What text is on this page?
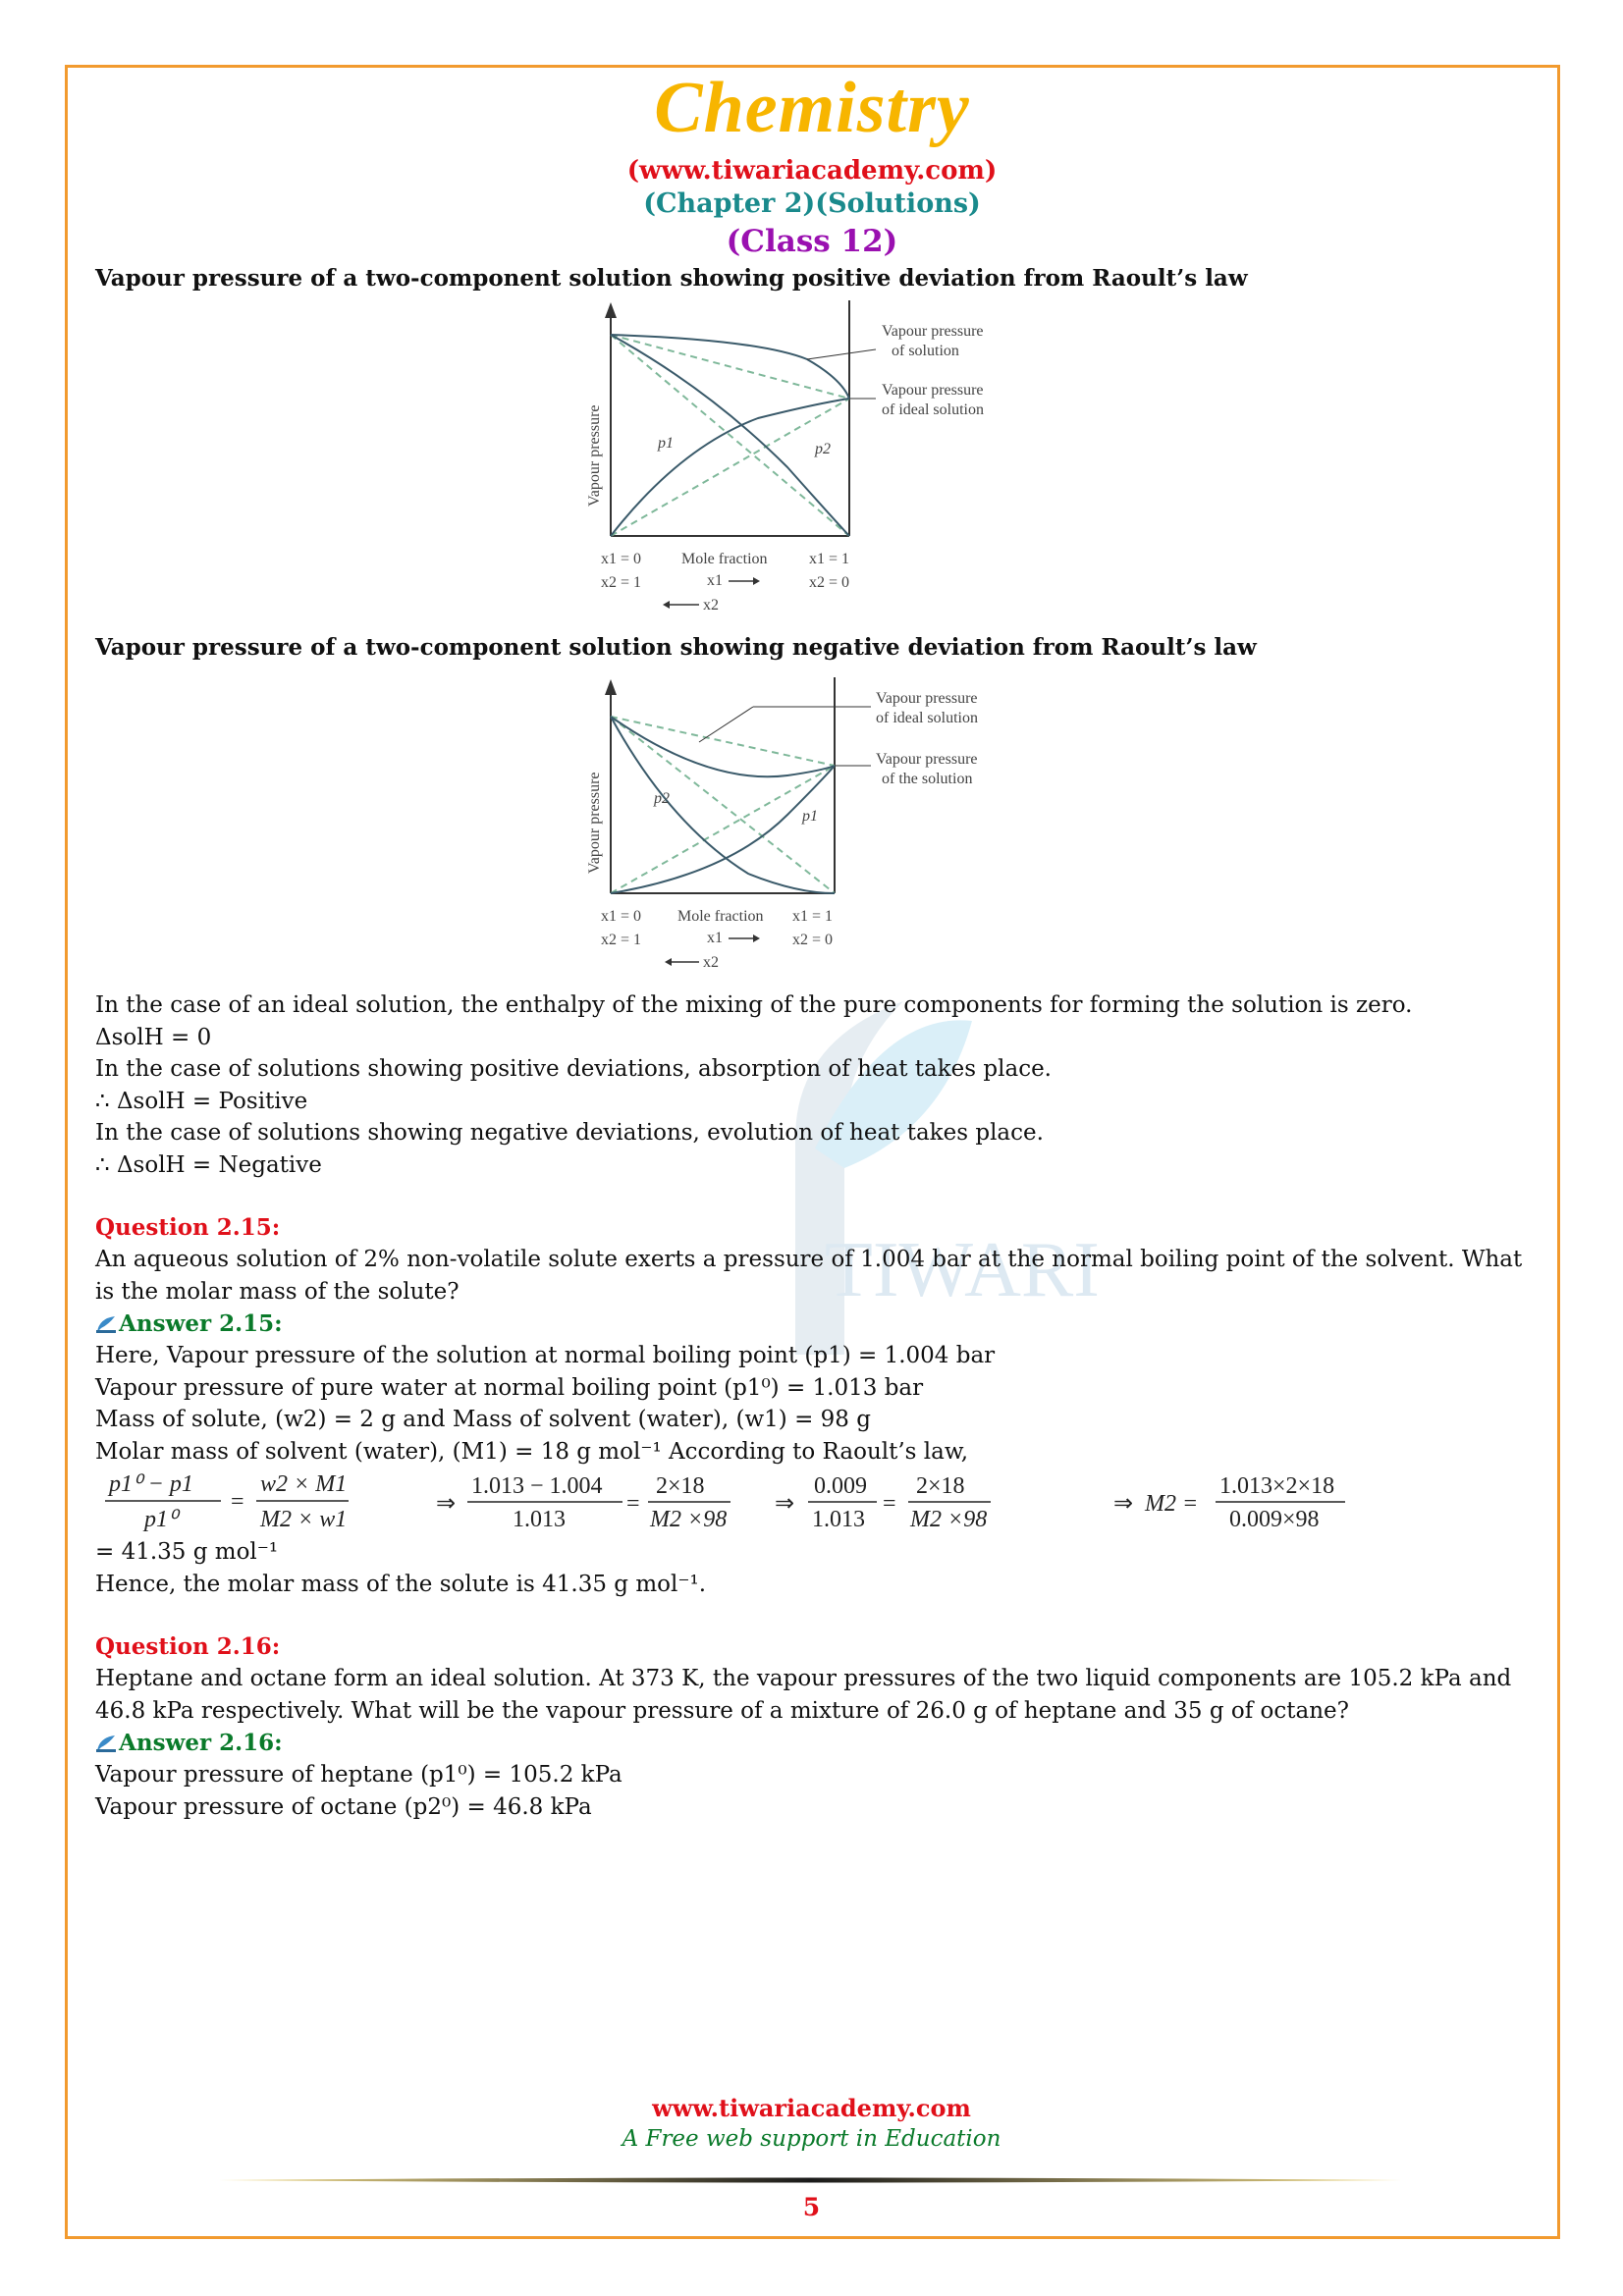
TIWARI
Chemistry
(www.tiwariacademy.com)
(Chapter 2)(Solutions)
(Class 12)
Vapour pressure of a two-component solution showing positive deviation from Raoult’s law
Vapour pressure
of solution
Vapour pressure
of ideal solution
Vapour pressure	p1	p2
x1 = 0
x2 = 1
Mole fraction
x1
x2
x1 = 1
x2 = 0
Vapour pressure of a two-component solution showing negative deviation from Raoult’s law
Vapour pressure
of ideal solution
Vapour pressure
of the solution
Vapour pressure	p2
p1
x1 = 0
x2 = 1
Mole fraction
x1
x2
x1 = 1
x2 = 0

In the case of an ideal solution, the enthalpy of the mixing of the pure components for forming the solution is zero.

ΔsolH = 0

In the case of solutions showing positive deviations, absorption of heat takes place.

∴ ΔsolH = Positive

In the case of solutions showing negative deviations, evolution of heat takes place.

∴ ΔsolH = Negative

Question 2.15:

An aqueous solution of 2% non-volatile solute exerts a pressure of 1.004 bar at the normal boiling point of the solvent. What is the molar mass of the solute?

Answer 2.15:

Here, Vapour pressure of the solution at normal boiling point (p1) = 1.004 bar

Vapour pressure of pure water at normal boiling point (p1⁰) = 1.013 bar

Mass of solute, (w2) = 2 g and Mass of solvent (water), (w1) = 98 g

Molar mass of solvent (water), (M1) = 18 g mol⁻¹ According to Raoult’s law,

p1⁰ − p1
p1⁰
=
w2 × M1
M2 × w1

⇒
1.013 − 1.004
1.013
=
2×18
M2 ×98

⇒
0.009
1.013
=
2×18
M2 ×98

⇒ M2 =
1.013×2×18
0.009×98

= 41.35 g mol⁻¹

Hence, the molar mass of the solute is 41.35 g mol⁻¹.

Question 2.16:

Heptane and octane form an ideal solution. At 373 K, the vapour pressures of the two liquid components are 105.2 kPa and 46.8 kPa respectively. What will be the vapour pressure of a mixture of 26.0 g of heptane and 35 g of octane?

Answer 2.16:

Vapour pressure of heptane (p1⁰) = 105.2 kPa

Vapour pressure of octane (p2⁰) = 46.8 kPa

www.tiwariacademy.com
A Free web support in Education
5
